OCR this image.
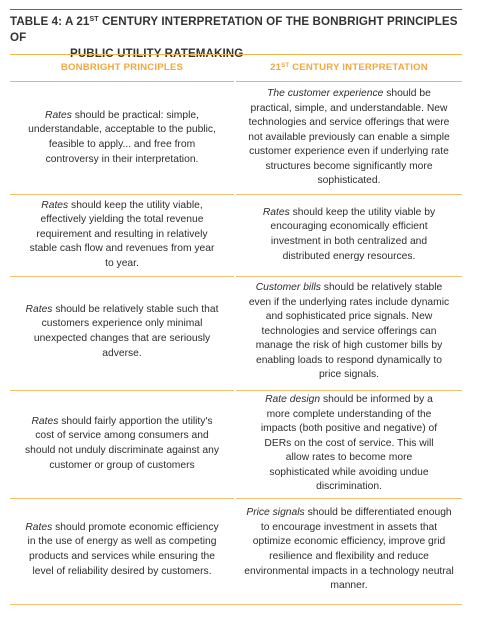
TABLE 4: A 21ST CENTURY INTERPRETATION OF THE BONBRIGHT PRINCIPLES OF
PUBLIC UTILITY RATEMAKING
BONBRIGHT PRINCIPLES	21ST CENTURY INTERPRETATION
Rates should be practical: simple, understandable, acceptable to the public, feasible to apply... and free from controversy in their interpretation.
The customer experience should be practical, simple, and understandable. New technologies and service offerings that were not available previously can enable a simple customer experience even if underlying rate structures become significantly more sophisticated.
Rates should keep the utility viable, effectively yielding the total revenue requirement and resulting in relatively stable cash flow and revenues from year to year.
Rates should keep the utility viable by encouraging economically efficient investment in both centralized and distributed energy resources.
Rates should be relatively stable such that customers experience only minimal unexpected changes that are seriously adverse.
Customer bills should be relatively stable even if the underlying rates include dynamic and sophisticated price signals. New technologies and service offerings can manage the risk of high customer bills by enabling loads to respond dynamically to price signals.
Rates should fairly apportion the utility's cost of service among consumers and should not unduly discriminate against any customer or group of customers
Rate design should be informed by a more complete understanding of the impacts (both positive and negative) of DERs on the cost of service. This will allow rates to become more sophisticated while avoiding undue discrimination.
Rates should promote economic efficiency in the use of energy as well as competing products and services while ensuring the level of reliability desired by customers.
Price signals should be differentiated enough to encourage investment in assets that optimize economic efficiency, improve grid resilience and flexibility and reduce environmental impacts in a technology neutral manner.
